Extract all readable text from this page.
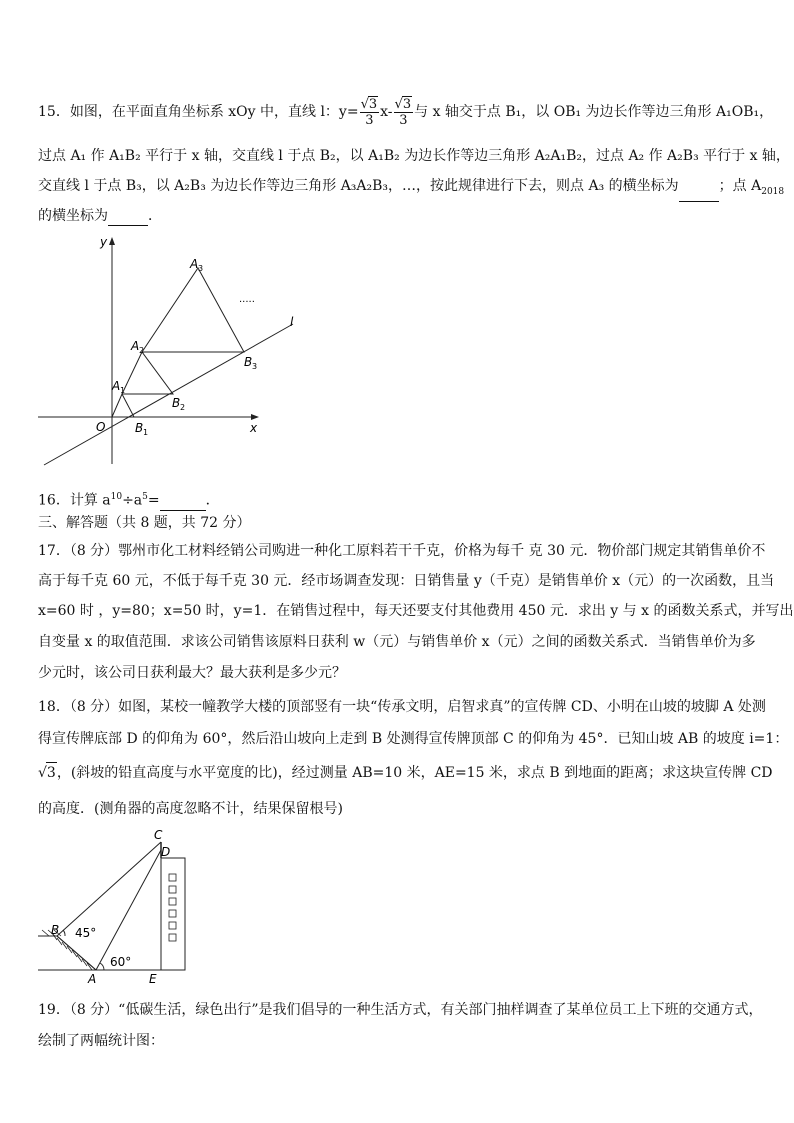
15．如图，在平面直角坐标系 xOy 中，直线 l：$y= \frac{√3}{3} x- \frac{√3}{3}$ 与 x 轴交于点 B₁，以 OB₁ 为边长作等边三角形 A₁OB₁，
过点 A₁ 作 A₁B₂ 平行于 x 轴，交直线 l 于点 B₂，以 A₁B₂ 为边长作等边三角形 A₂A₁B₂，过点 A₂ 作 A₂B₃ 平行于 x 轴，
交直线 l 于点 B₃，以 A₂B₃ 为边长作等边三角形 A₃A₂B₃，…，按此规律进行下去，则点 A₃ 的横坐标为	；点 $A_{2018}$
的横坐标为	．
y
x
O
l
.....
A 1
A 2
A 3
B 1
B 2
B 3
16．计算 $a^{10}\div a^5=$	．
三、解答题（共 8 题，共 72 分）
17．（8 分）鄂州市化工材料经销公司购进一种化工原料若干千克，价格为每千 克 30 元．物价部门规定其销售单价不
高于每千克 60 元，不低于每千克 30 元．经市场调查发现：日销售量 y（千克）是销售单价 x（元）的一次函数，且当
x=60 时 ，y=80；x=50 时，y=1．在销售过程中，每天还要支付其他费用 450 元．求出 y 与 x 的函数关系式，并写出
自变量 x 的取值范围．求该公司销售该原料日获利 w（元）与销售单价 x（元）之间的函数关系式．当销售单价为多
少元时，该公司日获利最大？最大获利是多少元？
18．（8 分）如图，某校一幢教学大楼的顶部竖有一块“传承文明，启智求真”的宣传牌 CD、小明在山坡的坡脚 A 处测
得宣传牌底部 D 的仰角为 60°，然后沿山坡向上走到 B 处测得宣传牌顶部 C 的仰角为 45°．已知山坡 AB 的坡度 i=1：
√3，(斜坡的铅直高度与水平宽度的比)，经过测量 AB=10 米，AE=15 米，求点 B 到地面的距离；求这块宣传牌 CD
的高度．(测角器的高度忽略不计，结果保留根号)
C
D
B
A	E
45°
60°
19．（8 分）“低碳生活，绿色出行”是我们倡导的一种生活方式，有关部门抽样调查了某单位员工上下班的交通方式，
绘制了两幅统计图：
